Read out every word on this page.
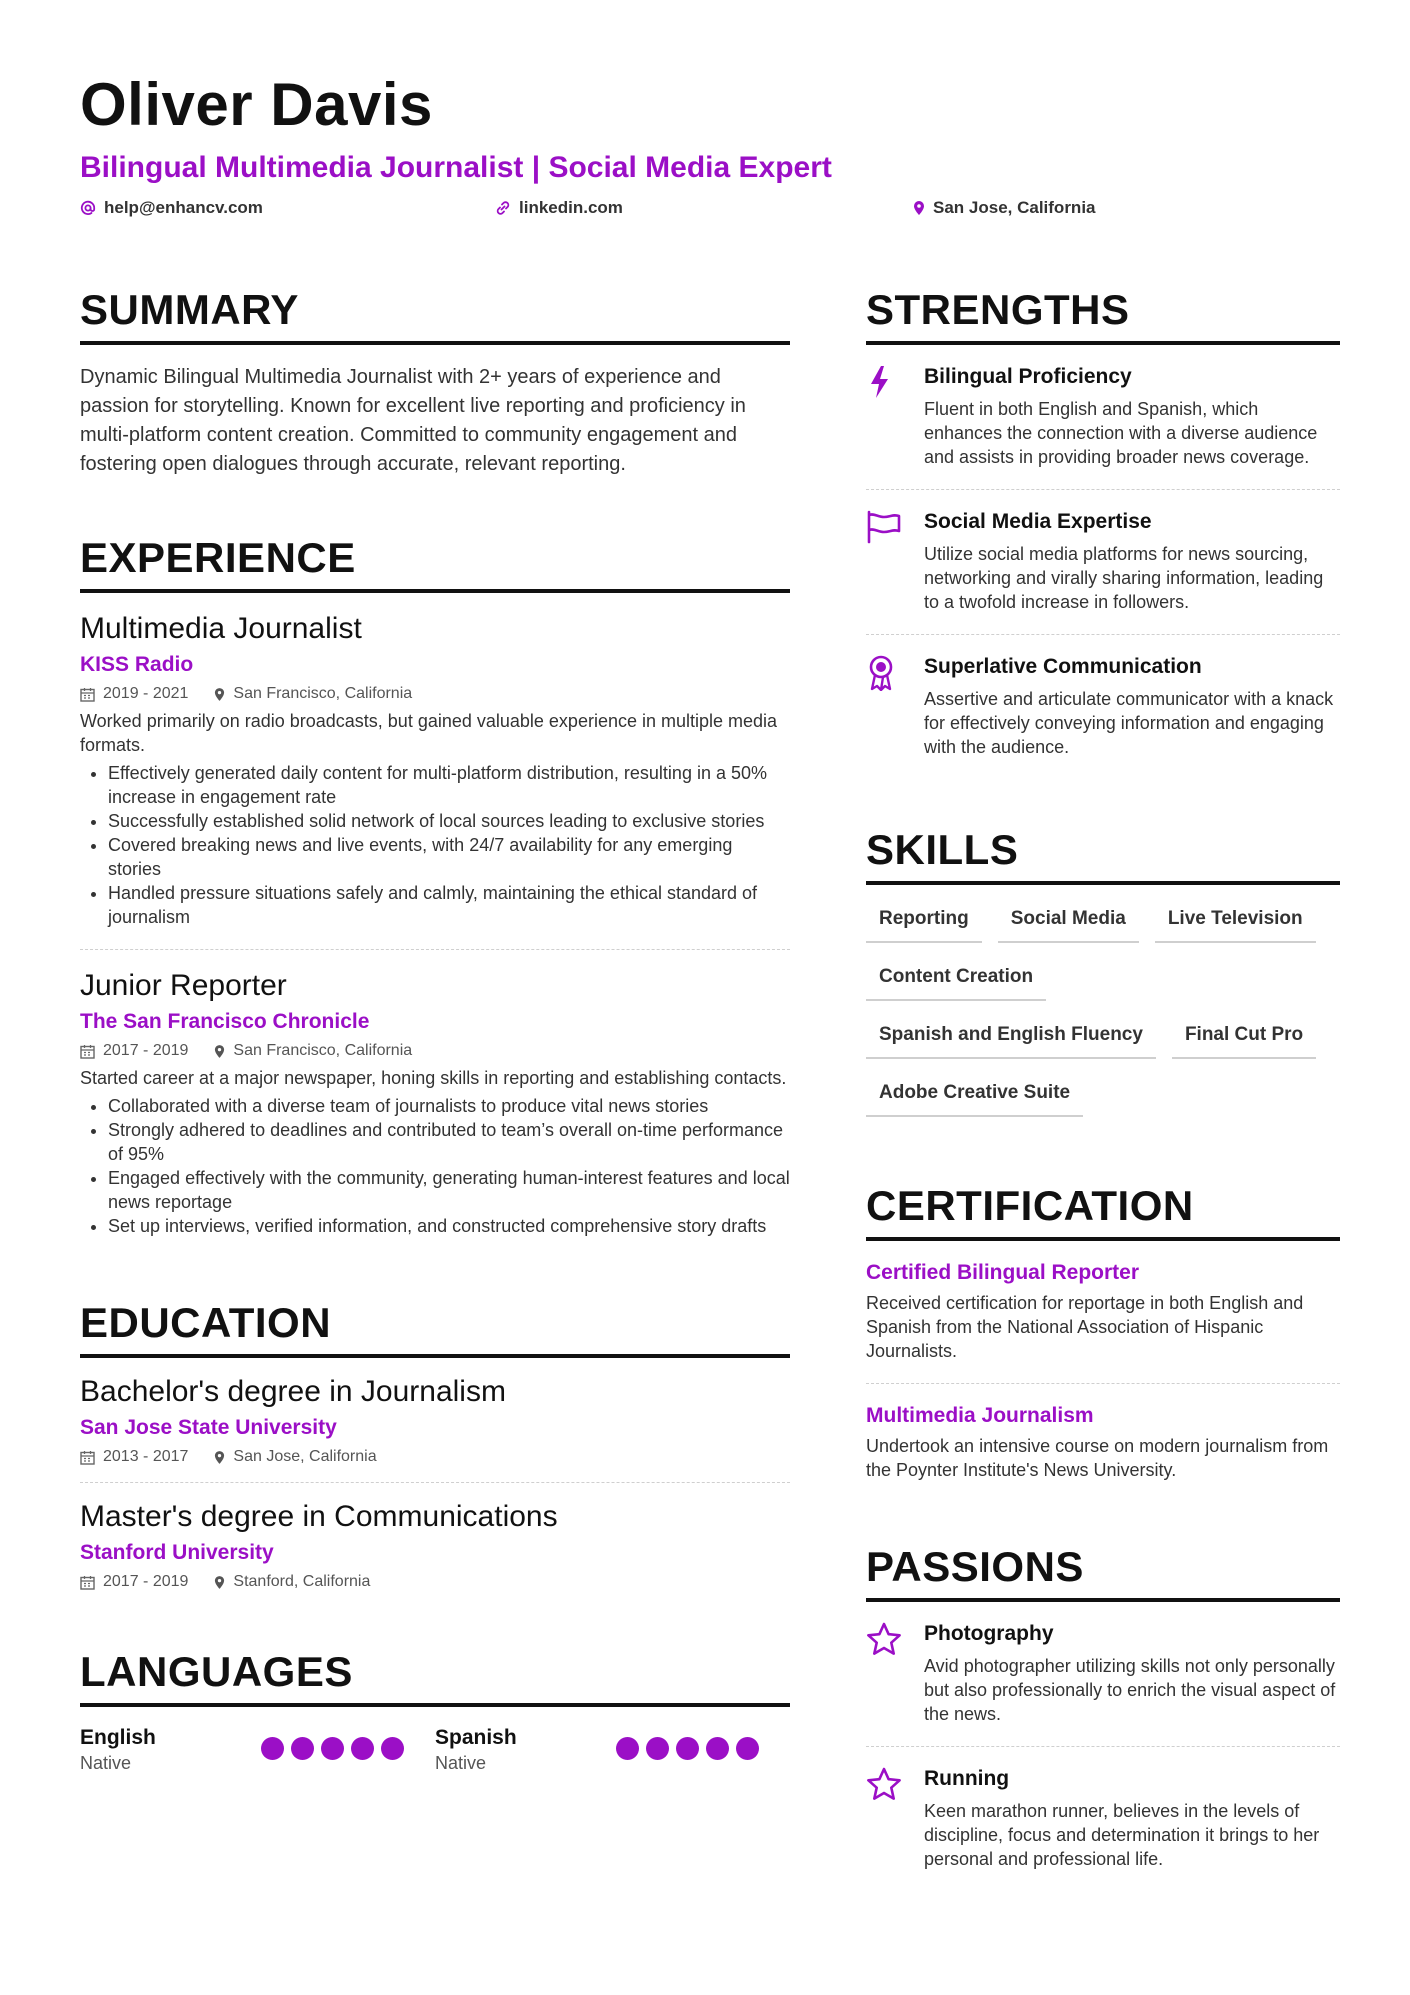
Oliver Davis
Bilingual Multimedia Journalist | Social Media Expert
help@enhancv.com	linkedin.com	San Jose, California
SUMMARY
Dynamic Bilingual Multimedia Journalist with 2+ years of experience and passion for storytelling. Known for excellent live reporting and proficiency in multi-platform content creation. Committed to community engagement and fostering open dialogues through accurate, relevant reporting.
EXPERIENCE
Multimedia Journalist
KISS Radio
2019 - 2021	San Francisco, California
Worked primarily on radio broadcasts, but gained valuable experience in multiple media formats.
• Effectively generated daily content for multi-platform distribution, resulting in a 50% increase in engagement rate
• Successfully established solid network of local sources leading to exclusive stories
• Covered breaking news and live events, with 24/7 availability for any emerging stories
• Handled pressure situations safely and calmly, maintaining the ethical standard of journalism
Junior Reporter
The San Francisco Chronicle
2017 - 2019	San Francisco, California
Started career at a major newspaper, honing skills in reporting and establishing contacts.
• Collaborated with a diverse team of journalists to produce vital news stories
• Strongly adhered to deadlines and contributed to team’s overall on-time performance of 95%
• Engaged effectively with the community, generating human-interest features and local news reportage
• Set up interviews, verified information, and constructed comprehensive story drafts
EDUCATION
Bachelor's degree in Journalism
San Jose State University
2013 - 2017	San Jose, California
Master's degree in Communications
Stanford University
2017 - 2019	Stanford, California
LANGUAGES
English
Native
Spanish
Native
STRENGTHS
Bilingual Proficiency
Fluent in both English and Spanish, which enhances the connection with a diverse audience and assists in providing broader news coverage.
Social Media Expertise
Utilize social media platforms for news sourcing, networking and virally sharing information, leading to a twofold increase in followers.
Superlative Communication
Assertive and articulate communicator with a knack for effectively conveying information and engaging with the audience.
SKILLS
Reporting	Social Media	Live Television
Content Creation
Spanish and English Fluency	Final Cut Pro
Adobe Creative Suite
CERTIFICATION
Certified Bilingual Reporter
Received certification for reportage in both English and Spanish from the National Association of Hispanic Journalists.
Multimedia Journalism
Undertook an intensive course on modern journalism from the Poynter Institute's News University.
PASSIONS
Photography
Avid photographer utilizing skills not only personally but also professionally to enrich the visual aspect of the news.
Running
Keen marathon runner, believes in the levels of discipline, focus and determination it brings to her personal and professional life.
